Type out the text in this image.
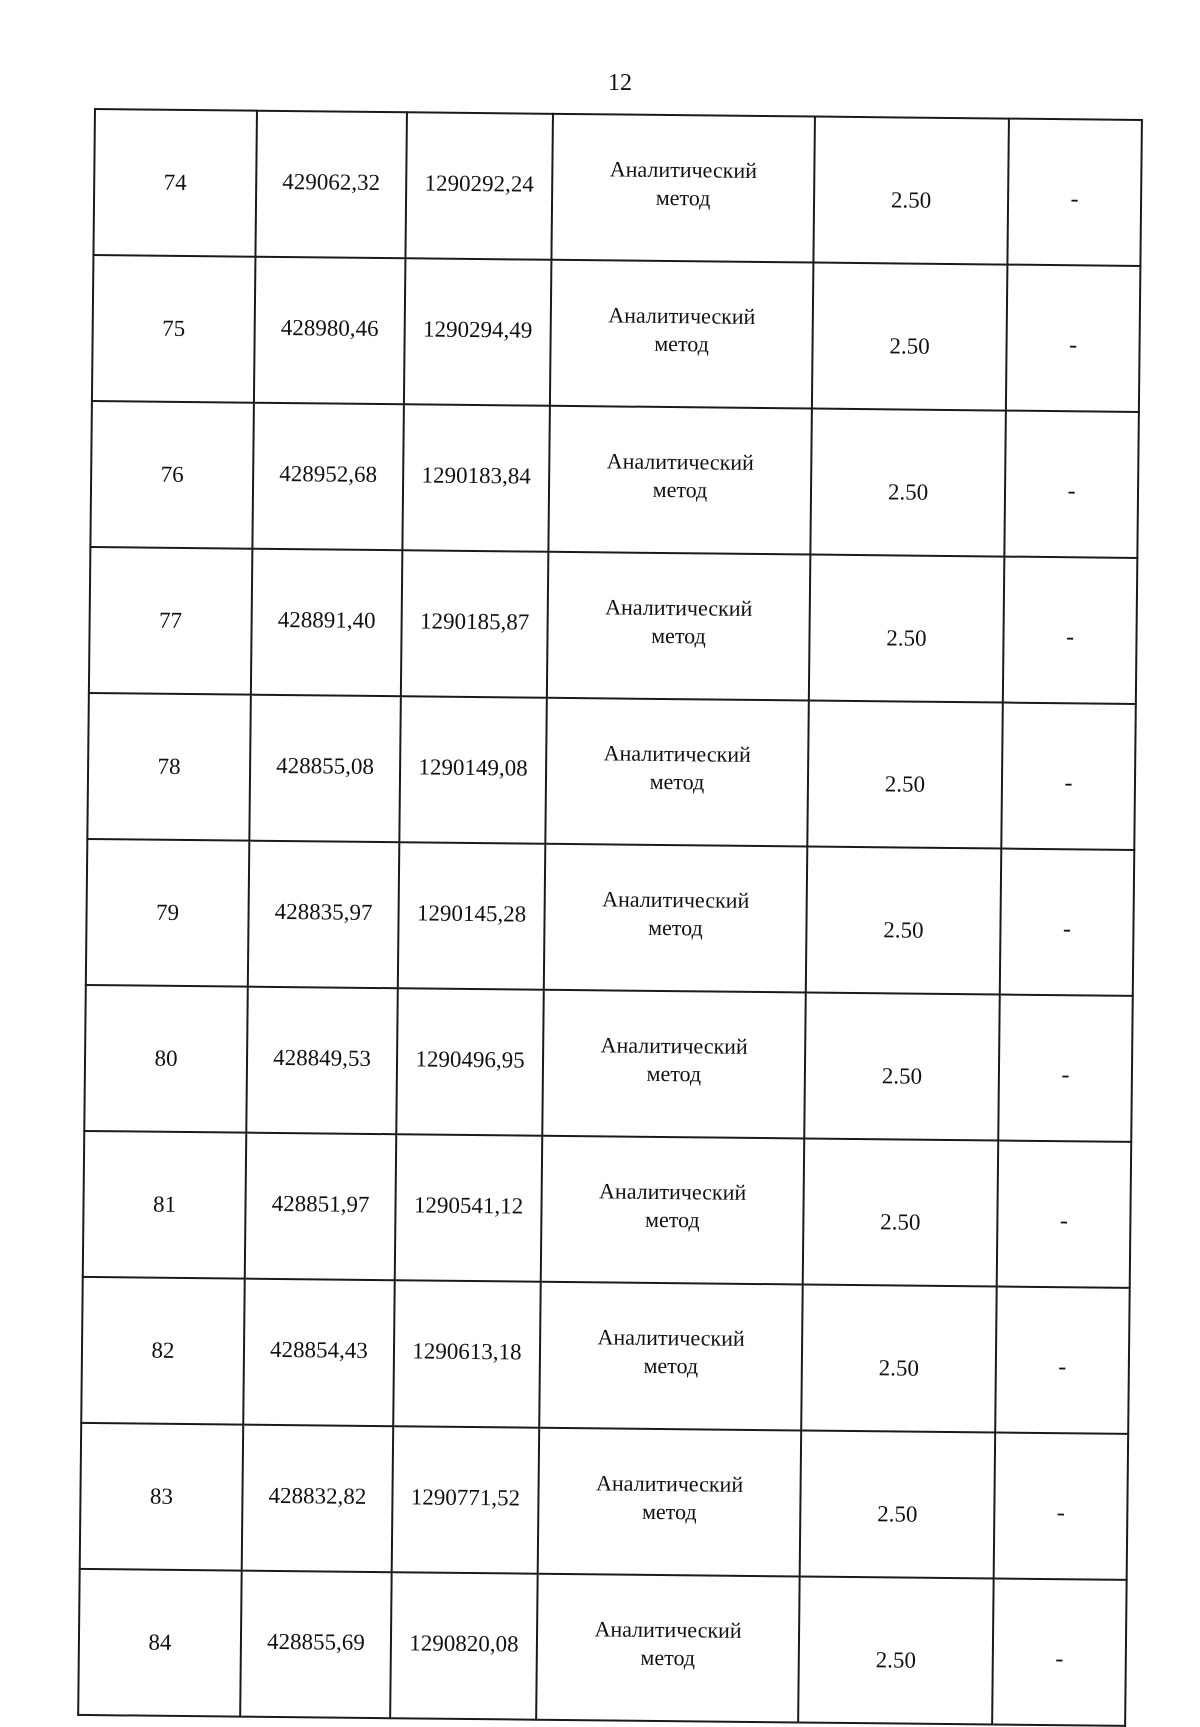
12
74	429062,32	1290292,24	Аналитический
метод	2.50	-
75	428980,46	1290294,49	Аналитический
метод	2.50	-
76	428952,68	1290183,84	Аналитический
метод	2.50	-
77	428891,40	1290185,87	Аналитический
метод	2.50	-
78	428855,08	1290149,08	Аналитический
метод	2.50	-
79	428835,97	1290145,28	Аналитический
метод	2.50	-
80	428849,53	1290496,95	Аналитический
метод	2.50	-
81	428851,97	1290541,12	Аналитический
метод	2.50	-
82	428854,43	1290613,18	Аналитический
метод	2.50	-
83	428832,82	1290771,52	Аналитический
метод	2.50	-
84	428855,69	1290820,08	Аналитический
метод	2.50	-
